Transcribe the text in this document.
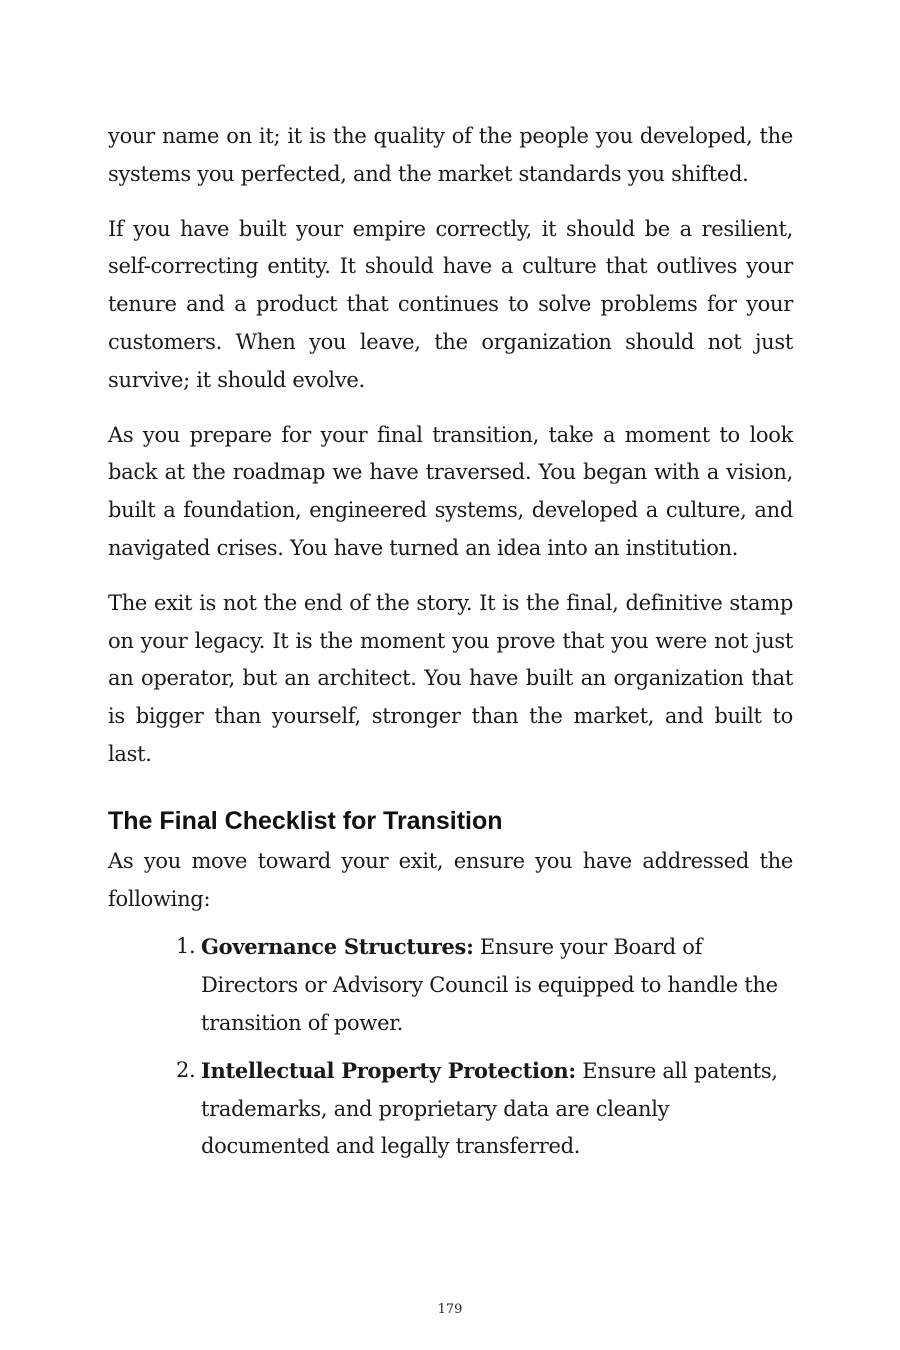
your name on it; it is the quality of the people you developed, the systems you perfected, and the market standards you shifted.

If you have built your empire correctly, it should be a resilient, self-correcting entity. It should have a culture that outlives your tenure and a product that continues to solve problems for your customers. When you leave, the organization should not just survive; it should evolve.

As you prepare for your final transition, take a moment to look back at the roadmap we have traversed. You began with a vision, built a foundation, engineered systems, developed a culture, and navigated crises. You have turned an idea into an institution.

The exit is not the end of the story. It is the final, definitive stamp on your legacy. It is the moment you prove that you were not just an operator, but an architect. You have built an organization that is bigger than yourself, stronger than the market, and built to last.

The Final Checklist for Transition

As you move toward your exit, ensure you have addressed the following:

1. Governance Structures: Ensure your Board of Directors or Advisory Council is equipped to handle the transition of power.
2. Intellectual Property Protection: Ensure all patents, trademarks, and proprietary data are cleanly documented and legally transferred.
179
